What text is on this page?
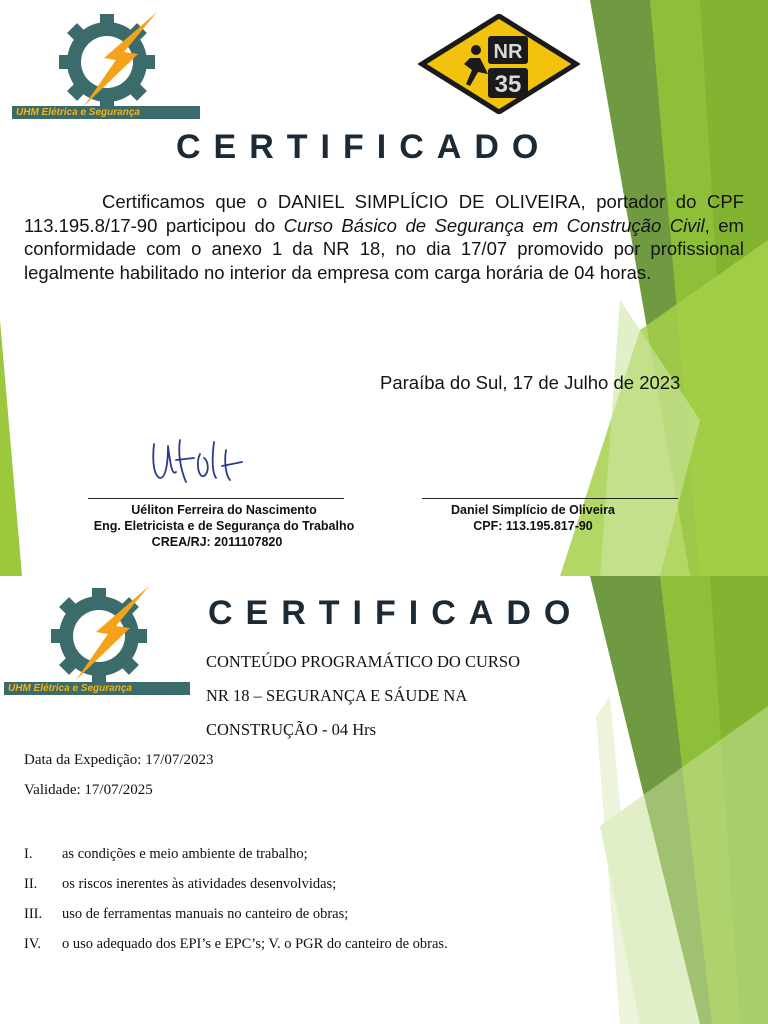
UHM Elétrica e Segurança
NR
35
CERTIFICADO

Certificamos que o DANIEL SIMPLÍCIO DE OLIVEIRA, portador do CPF 113.195.8/17-90 participou do Curso Básico de Segurança em Construção Civil, em conformidade com o anexo 1 da NR 18, no dia 17/07 promovido por profissional legalmente habilitado no interior da empresa com carga horária de 04 horas.

Paraíba do Sul, 17 de Julho de 2023
Uéliton Ferreira do Nascimento
Eng. Eletricista e de Segurança do Trabalho
CREA/RJ: 2011107820
Daniel Simplício de Oliveira
CPF: 113.195.817-90
UHM Elétrica e Segurança
CERTIFICADO
CONTEÚDO PROGRAMÁTICO DO CURSO
NR 18 – SEGURANÇA E SÁUDE NA
CONSTRUÇÃO - 04 Hrs
Data da Expedição: 17/07/2023
Validade: 17/07/2025
I. as condições e meio ambiente de trabalho;
II. os riscos inerentes às atividades desenvolvidas;
III. uso de ferramentas manuais no canteiro de obras;
IV. o uso adequado dos EPI’s e EPC’s; V. o PGR do canteiro de obras.
